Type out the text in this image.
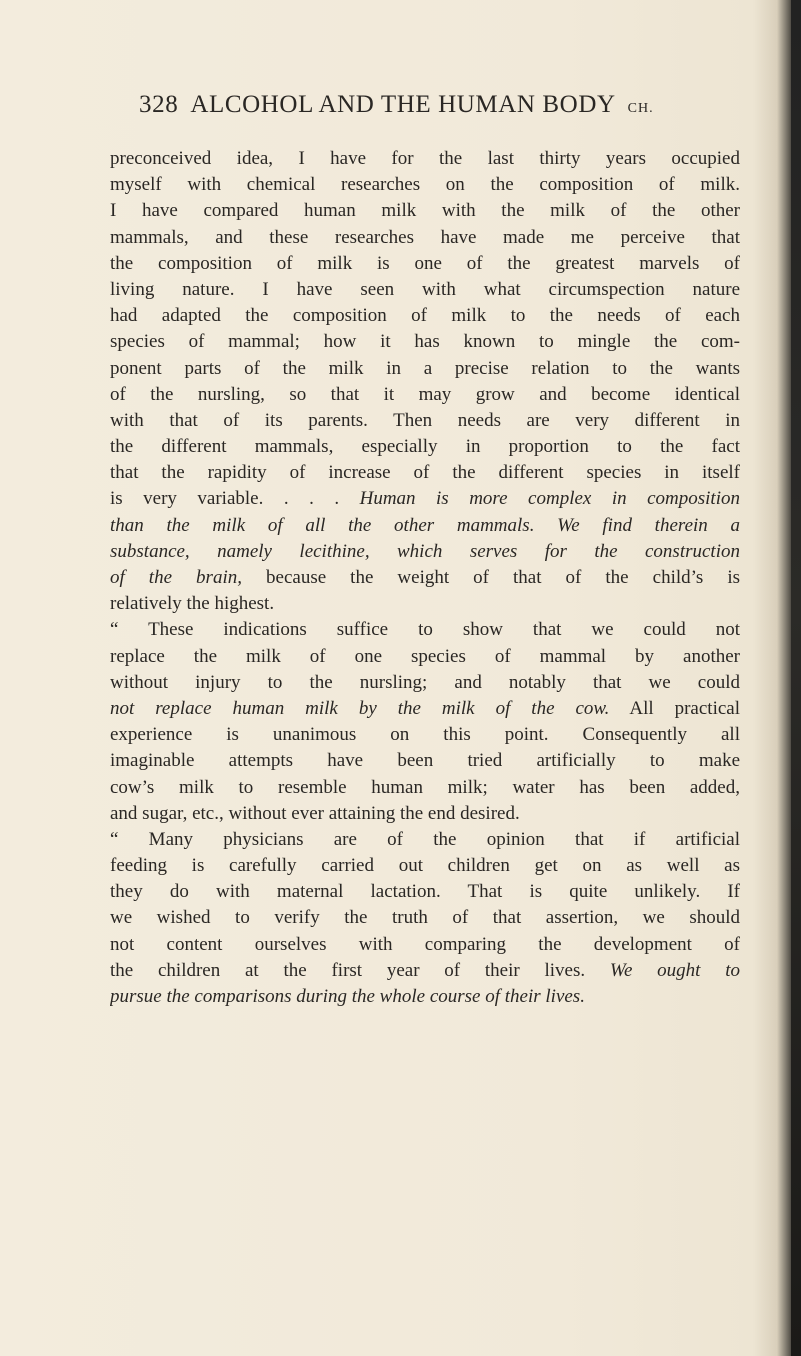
328 ALCOHOL AND THE HUMAN BODY CH.
preconceived idea, I have for the last thirty years occupied
myself with chemical researches on the composition of milk.
I have compared human milk with the milk of the other
mammals, and these researches have made me perceive that
the composition of milk is one of the greatest marvels of
living nature. I have seen with what circumspection nature
had adapted the composition of milk to the needs of each
species of mammal; how it has known to mingle the com-
ponent parts of the milk in a precise relation to the wants
of the nursling, so that it may grow and become identical
with that of its parents. Then needs are very different in
the different mammals, especially in proportion to the fact
that the rapidity of increase of the different species in itself
is very variable. . . . Human is more complex in composition
than the milk of all the other mammals. We find therein a
substance, namely lecithine, which serves for the construction
of the brain, because the weight of that of the child’s is
relatively the highest.
“ These indications suffice to show that we could not
replace the milk of one species of mammal by another
without injury to the nursling; and notably that we could
not replace human milk by the milk of the cow. All practical
experience is unanimous on this point. Consequently all
imaginable attempts have been tried artificially to make
cow’s milk to resemble human milk; water has been added,
and sugar, etc., without ever attaining the end desired.
“ Many physicians are of the opinion that if artificial
feeding is carefully carried out children get on as well as
they do with maternal lactation. That is quite unlikely. If
we wished to verify the truth of that assertion, we should
not content ourselves with comparing the development of
the children at the first year of their lives. We ought to
pursue the comparisons during the whole course of their lives.
